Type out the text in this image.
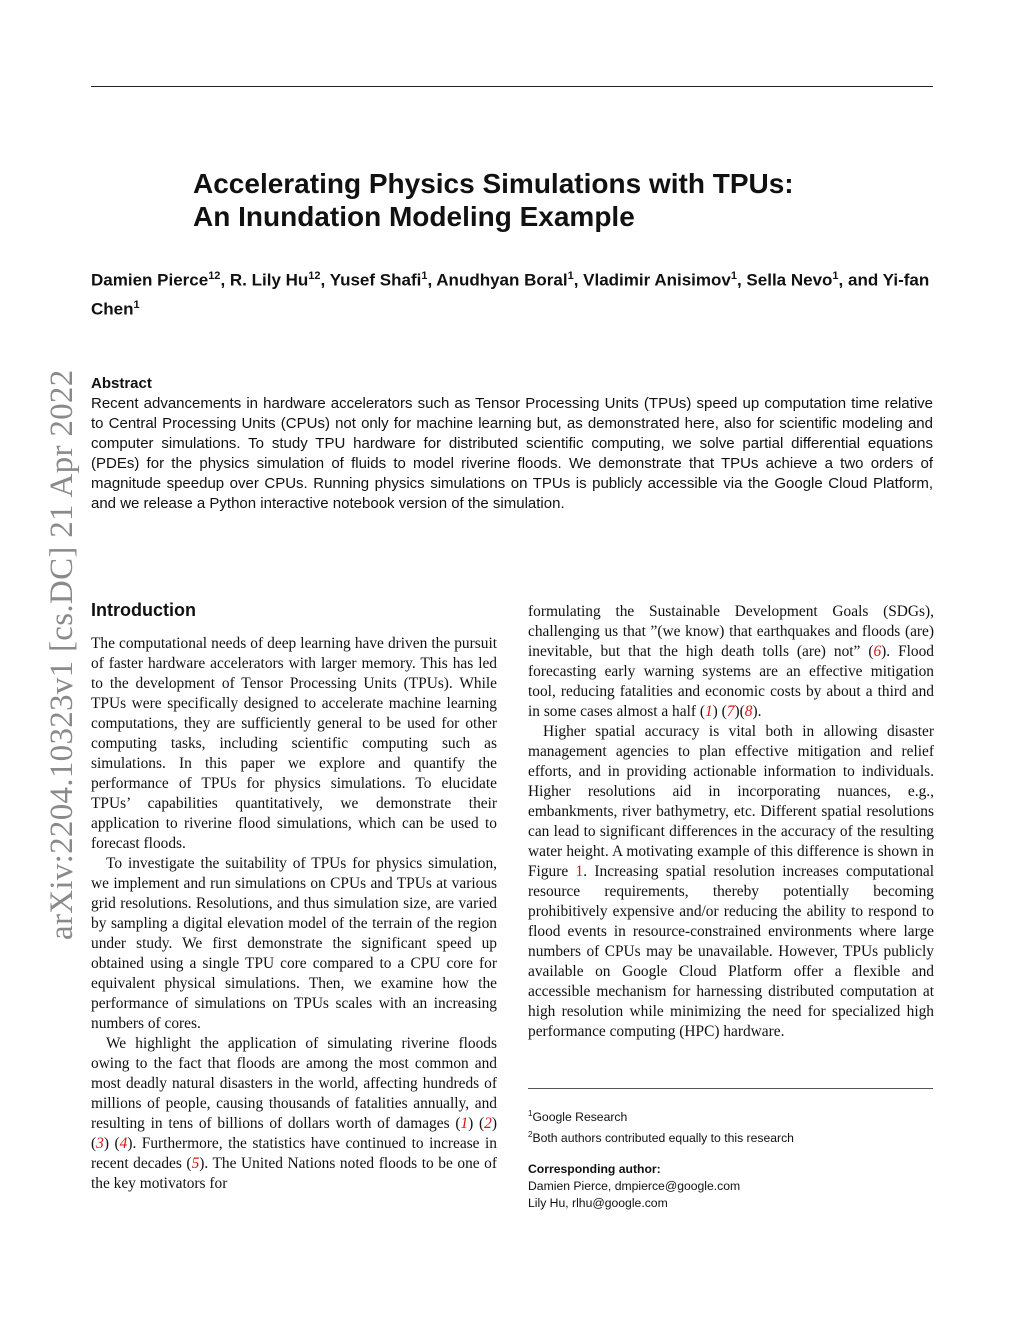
arXiv:2204.10323v1 [cs.DC] 21 Apr 2022
Accelerating Physics Simulations with TPUs: An Inundation Modeling Example
Damien Pierce$^{12}$, R. Lily Hu$^{12}$, Yusef Shafi$^1$, Anudhyan Boral$^1$, Vladimir Anisimov$^1$, Sella Nevo$^1$, and Yi-fan Chen$^1$
Abstract

Recent advancements in hardware accelerators such as Tensor Processing Units (TPUs) speed up computation time relative to Central Processing Units (CPUs) not only for machine learning but, as demonstrated here, also for scientific modeling and computer simulations. To study TPU hardware for distributed scientific computing, we solve partial differential equations (PDEs) for the physics simulation of fluids to model riverine floods. We demonstrate that TPUs achieve a two orders of magnitude speedup over CPUs. Running physics simulations on TPUs is publicly accessible via the Google Cloud Platform, and we release a Python interactive notebook version of the simulation.

Introduction

The computational needs of deep learning have driven the pursuit of faster hardware accelerators with larger memory. This has led to the development of Tensor Processing Units (TPUs). While TPUs were specifically designed to accelerate machine learning computations, they are sufficiently general to be used for other computing tasks, including scientific computing such as simulations. In this paper we explore and quantify the performance of TPUs for physics simulations. To elucidate TPUs’ capabilities quantitatively, we demonstrate their application to riverine flood simulations, which can be used to forecast floods.

To investigate the suitability of TPUs for physics simulation, we implement and run simulations on CPUs and TPUs at various grid resolutions. Resolutions, and thus simulation size, are varied by sampling a digital elevation model of the terrain of the region under study. We first demonstrate the significant speed up obtained using a single TPU core compared to a CPU core for equivalent physical simulations. Then, we examine how the performance of simulations on TPUs scales with an increasing numbers of cores.

We highlight the application of simulating riverine floods owing to the fact that floods are among the most common and most deadly natural disasters in the world, affecting hundreds of millions of people, causing thousands of fatalities annually, and resulting in tens of billions of dollars worth of damages (1) (2) (3) (4). Furthermore, the statistics have continued to increase in recent decades (5). The United Nations noted floods to be one of the key motivators for

formulating the Sustainable Development Goals (SDGs), challenging us that ”(we know) that earthquakes and floods (are) inevitable, but that the high death tolls (are) not” (6). Flood forecasting early warning systems are an effective mitigation tool, reducing fatalities and economic costs by about a third and in some cases almost a half (1) (7)(8).

Higher spatial accuracy is vital both in allowing disaster management agencies to plan effective mitigation and relief efforts, and in providing actionable information to individuals. Higher resolutions aid in incorporating nuances, e.g., embankments, river bathymetry, etc. Different spatial resolutions can lead to significant differences in the accuracy of the resulting water height. A motivating example of this difference is shown in Figure 1. Increasing spatial resolution increases computational resource requirements, thereby potentially becoming prohibitively expensive and/or reducing the ability to respond to flood events in resource-constrained environments where large numbers of CPUs may be unavailable. However, TPUs publicly available on Google Cloud Platform offer a flexible and accessible mechanism for harnessing distributed computation at high resolution while minimizing the need for specialized high performance computing (HPC) hardware.

$^1$Google Research
$^2$Both authors contributed equally to this research
Corresponding author:
Damien Pierce, dmpierce@google.com
Lily Hu, rlhu@google.com
